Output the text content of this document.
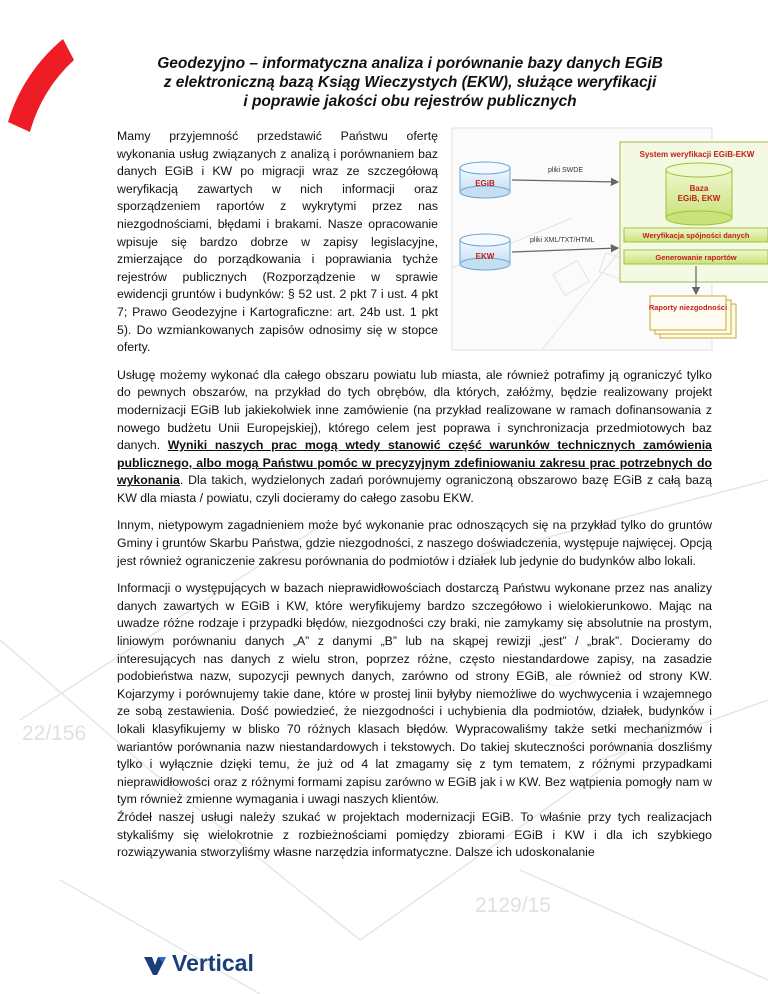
22/156
2129/15
Geodezyjno – informatyczna analiza i porównanie bazy danych EGiB
z elektroniczną bazą Ksiąg Wieczystych (EKW), służące weryfikacji
i poprawie jakości obu rejestrów publicznych
System weryfikacji EGiB-EKW
Baza
EGiB, EKW
Weryfikacja spójności danych
Generowanie raportów
EGiB
EKW
pliki SWDE
pliki XML/TXT/HTML
Raporty niezgodności

Mamy przyjemność przedstawić Państwu ofertę wykonania usług związanych z analizą i porównaniem baz danych EGiB i KW po migracji wraz ze szczegółową weryfikacją zawartych w nich informacji oraz sporządzeniem raportów z wykrytymi przez nas niezgodnościami, błędami i brakami. Nasze opracowanie wpisuje się bardzo dobrze w zapisy legislacyjne, zmierzające do porządkowania i poprawiania tychże rejestrów publicznych (Rozporządzenie w sprawie ewidencji gruntów i budynków: § 52 ust. 2 pkt 7 i ust. 4 pkt 7; Prawo Geodezyjne i Kartograficzne: art. 24b ust. 1 pkt 5). Do wzmiankowanych zapisów odnosimy się w stopce oferty.

Usługę możemy wykonać dla całego obszaru powiatu lub miasta, ale również potrafimy ją ograniczyć tylko do pewnych obszarów, na przykład do tych obrębów, dla których, załóżmy, będzie realizowany projekt modernizacji EGiB lub jakiekolwiek inne zamówienie (na przykład realizowane w ramach dofinansowania z nowego budżetu Unii Europejskiej), którego celem jest poprawa i synchronizacja przedmiotowych baz danych. Wyniki naszych prac mogą wtedy stanowić część warunków technicznych zamówienia publicznego, albo mogą Państwu pomóc w precyzyjnym zdefiniowaniu zakresu prac potrzebnych do wykonania. Dla takich, wydzielonych zadań porównujemy ograniczoną obszarowo bazę EGiB z całą bazą KW dla miasta / powiatu, czyli docieramy do całego zasobu EKW.

Innym, nietypowym zagadnieniem może być wykonanie prac odnoszących się na przykład tylko do gruntów Gminy i gruntów Skarbu Państwa, gdzie niezgodności, z naszego doświadczenia, występuje najwięcej. Opcją jest również ograniczenie zakresu porównania do podmiotów i działek lub jedynie do budynków albo lokali.

Informacji o występujących w bazach nieprawidłowościach dostarczą Państwu wykonane przez nas analizy danych zawartych w EGiB i KW, które weryfikujemy bardzo szczegółowo i wielokierunkowo. Mając na uwadze różne rodzaje i przypadki błędów, niezgodności czy braki, nie zamykamy się absolutnie na prostym, liniowym porównaniu danych „A” z danymi „B” lub na skąpej rewizji „jest” / „brak”. Docieramy do interesujących nas danych z wielu stron, poprzez różne, często niestandardowe zapisy, na zasadzie podobieństwa nazw, supozycji pewnych danych, zarówno od strony EGiB, ale również od strony KW. Kojarzymy i porównujemy takie dane, które w prostej linii byłyby niemożliwe do wychwycenia i wzajemnego ze sobą zestawienia. Dość powiedzieć, że niezgodności i uchybienia dla podmiotów, działek, budynków i lokali klasyfikujemy w blisko 70 różnych klasach błędów. Wypracowaliśmy także setki mechanizmów i wariantów porównania nazw niestandardowych i tekstowych. Do takiej skuteczności porównania doszliśmy tylko i wyłącznie dzięki temu, że już od 4 lat zmagamy się z tym tematem, z różnymi przypadkami nieprawidłowości oraz z różnymi formami zapisu zarówno w EGiB jak i w KW. Bez wątpienia pomogły nam w tym również zmienne wymagania i uwagi naszych klientów.

Źródeł naszej usługi należy szukać w projektach modernizacji EGiB. To właśnie przy tych realizacjach stykaliśmy się wielokrotnie z rozbieżnościami pomiędzy zbiorami EGiB i KW i dla ich szybkiego rozwiązywania stworzyliśmy własne narzędzia informatyczne. Dalsze ich udoskonalanie

Vertical
